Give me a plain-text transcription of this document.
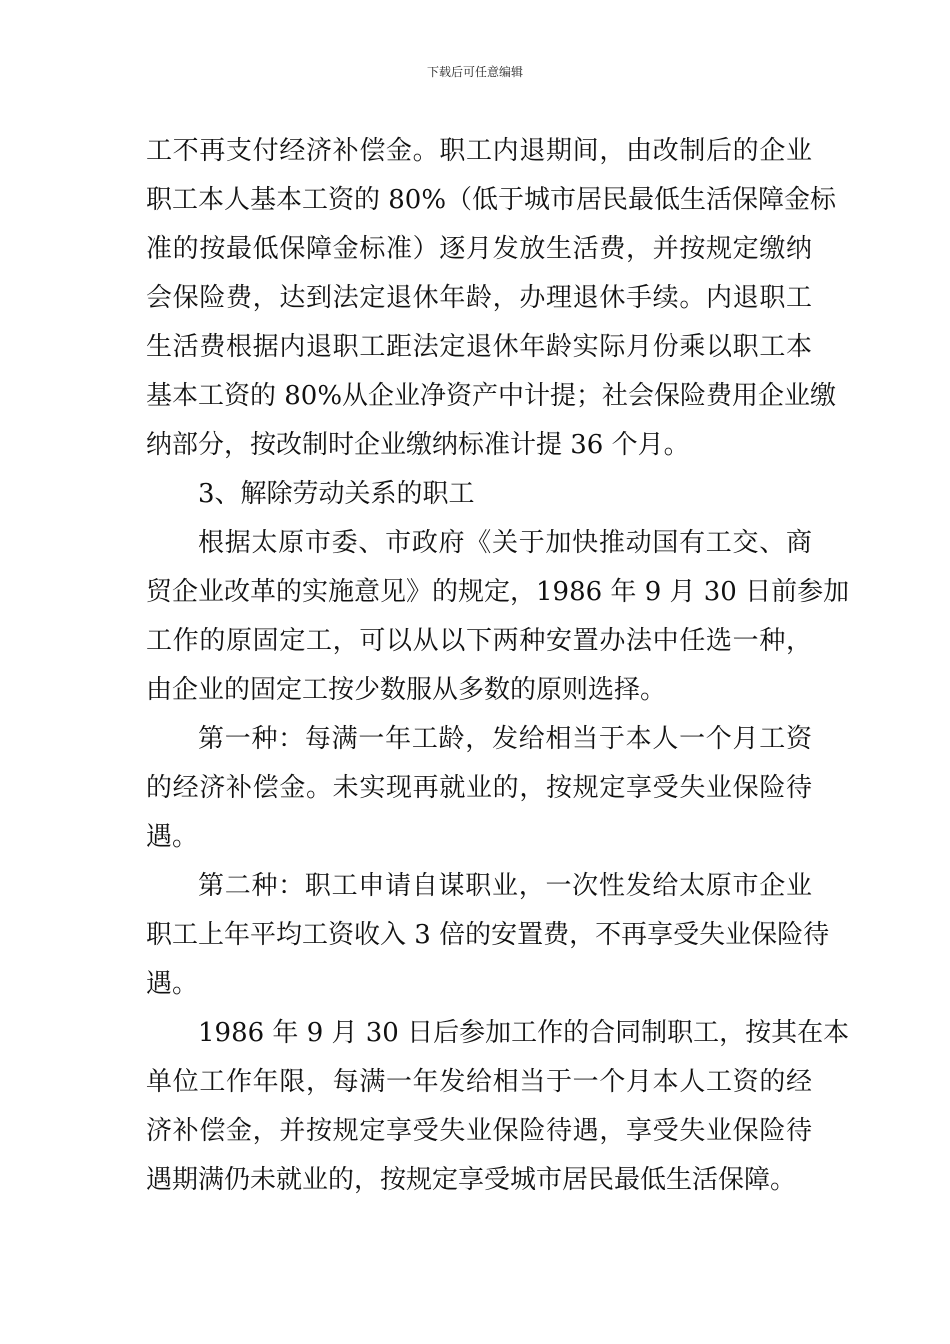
下载后可任意编辑
工不再支付经济补偿金。职工内退期间，由改制后的企业
职工本人基本工资的 80%（低于城市居民最低生活保障金标
准的按最低保障金标准）逐月发放生活费，并按规定缴纳
会保险费，达到法定退休年龄，办理退休手续。内退职工
生活费根据内退职工距法定退休年龄实际月份乘以职工本
基本工资的 80%从企业净资产中计提；社会保险费用企业缴
纳部分，按改制时企业缴纳标准计提 36 个月。
3、解除劳动关系的职工
根据太原市委、市政府《关于加快推动国有工交、商
贸企业改革的实施意见》的规定，1986 年 9 月 30 日前参加
工作的原固定工，可以从以下两种安置办法中任选一种，
由企业的固定工按少数服从多数的原则选择。
第一种：每满一年工龄，发给相当于本人一个月工资
的经济补偿金。未实现再就业的，按规定享受失业保险待
遇。
第二种：职工申请自谋职业，一次性发给太原市企业
职工上年平均工资收入 3 倍的安置费，不再享受失业保险待
遇。
1986 年 9 月 30 日后参加工作的合同制职工，按其在本
单位工作年限，每满一年发给相当于一个月本人工资的经
济补偿金，并按规定享受失业保险待遇，享受失业保险待
遇期满仍未就业的，按规定享受城市居民最低生活保障。
